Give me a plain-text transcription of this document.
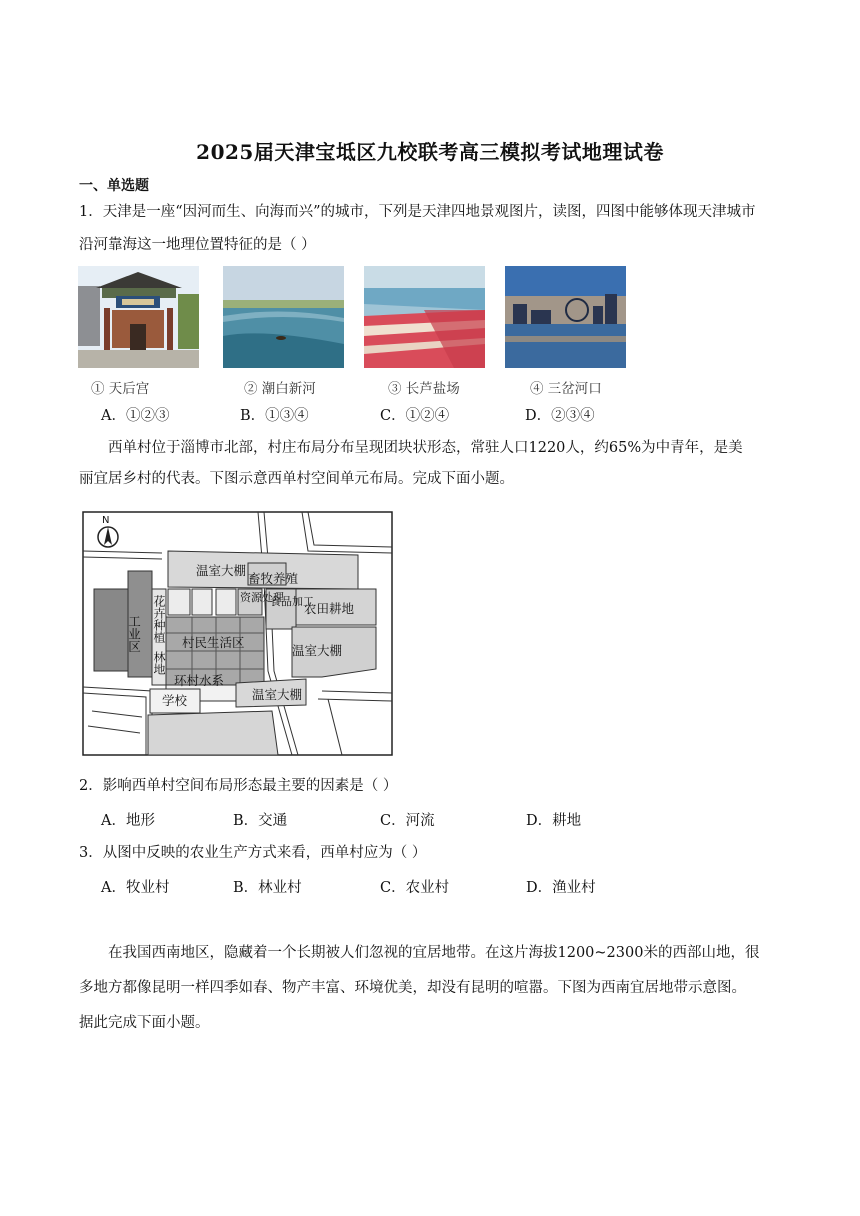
2025届天津宝坻区九校联考高三模拟考试地理试卷
一、单选题
1．天津是一座“因河而生、向海而兴”的城市，下列是天津四地景观图片，读图，四图中能够体现天津城市
沿河靠海这一地理位置特征的是（ ）
① 天后宫	② 潮白新河	③ 长芦盐场	④ 三岔河口
A．①②③	B．①③④	C．①②④	D．②③④
西单村位于淄博市北部，村庄布局分布呈现团块状形态，常驻人口1220人，约65%为中青年，是美
丽宜居乡村的代表。下图示意西单村空间单元布局。完成下面小题。
N
温室大棚
畜牧养殖
工业区 花卉种植	资源处理
食品加工
农田耕地
村民生活区
温室大棚
林地
环村水系
学校	温室大棚
2．影响西单村空间布局形态最主要的因素是（ ）
A．地形	B．交通	C．河流	D．耕地
3．从图中反映的农业生产方式来看，西单村应为（ ）
A．牧业村	B．林业村	C．农业村	D．渔业村
在我国西南地区，隐藏着一个长期被人们忽视的宜居地带。在这片海拔1200~2300米的西部山地，很
多地方都像昆明一样四季如春、物产丰富、环境优美，却没有昆明的喧嚣。下图为西南宜居地带示意图。
据此完成下面小题。
